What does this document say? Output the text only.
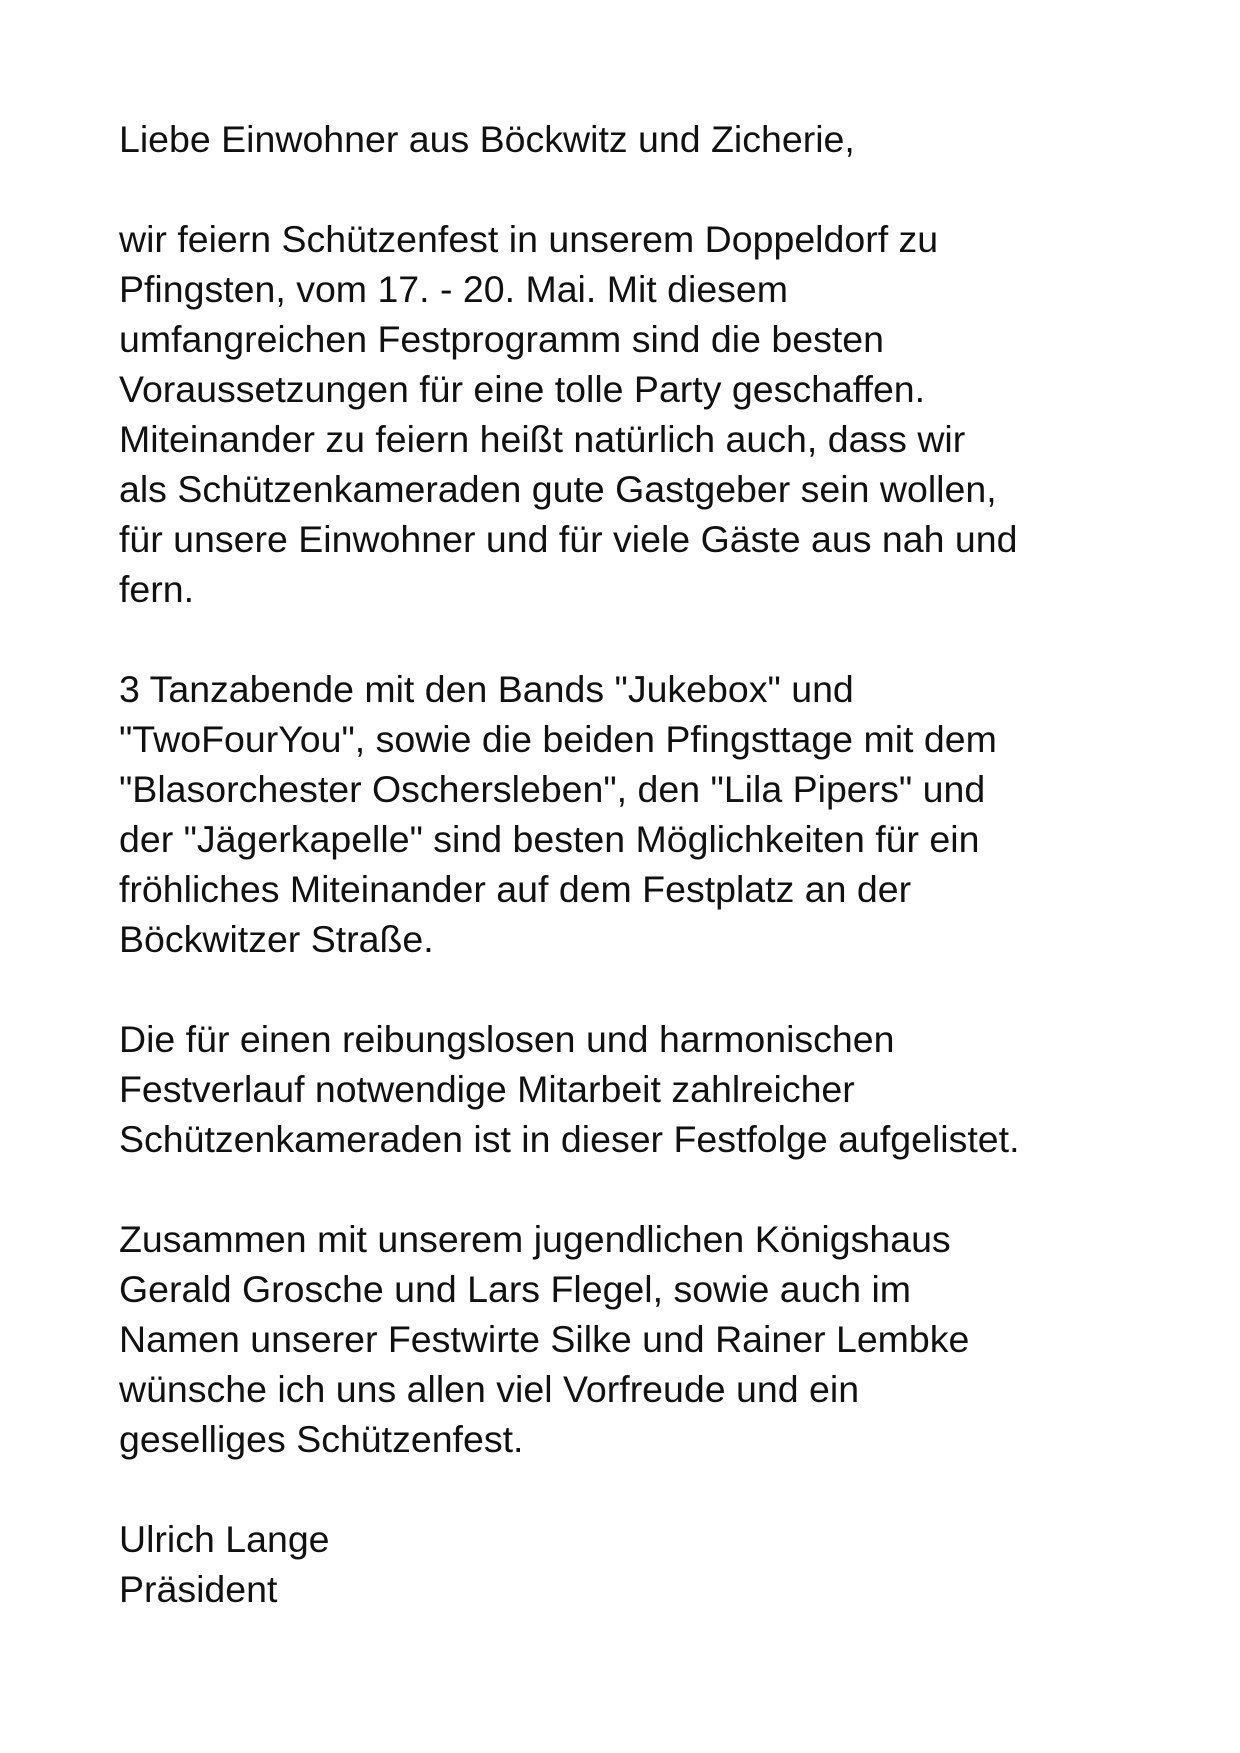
Liebe Einwohner aus Böckwitz und Zicherie,
wir feiern Schützenfest in unserem Doppeldorf zu
Pfingsten, vom 17. - 20. Mai. Mit diesem
umfangreichen Festprogramm sind die besten
Voraussetzungen für eine tolle Party geschaffen.
Miteinander zu feiern heißt natürlich auch, dass wir
als Schützenkameraden gute Gastgeber sein wollen,
für unsere Einwohner und für viele Gäste aus nah und
fern.
3 Tanzabende mit den Bands "Jukebox" und
"TwoFourYou", sowie die beiden Pfingsttage mit dem
"Blasorchester Oschersleben", den "Lila Pipers" und
der "Jägerkapelle" sind besten Möglichkeiten für ein
fröhliches Miteinander auf dem Festplatz an der
Böckwitzer Straße.
Die für einen reibungslosen und harmonischen
Festverlauf notwendige Mitarbeit zahlreicher
Schützenkameraden ist in dieser Festfolge aufgelistet.
Zusammen mit unserem jugendlichen Königshaus
Gerald Grosche und Lars Flegel, sowie auch im
Namen unserer Festwirte Silke und Rainer Lembke
wünsche ich uns allen viel Vorfreude und ein
geselliges Schützenfest.
Ulrich Lange
Präsident
